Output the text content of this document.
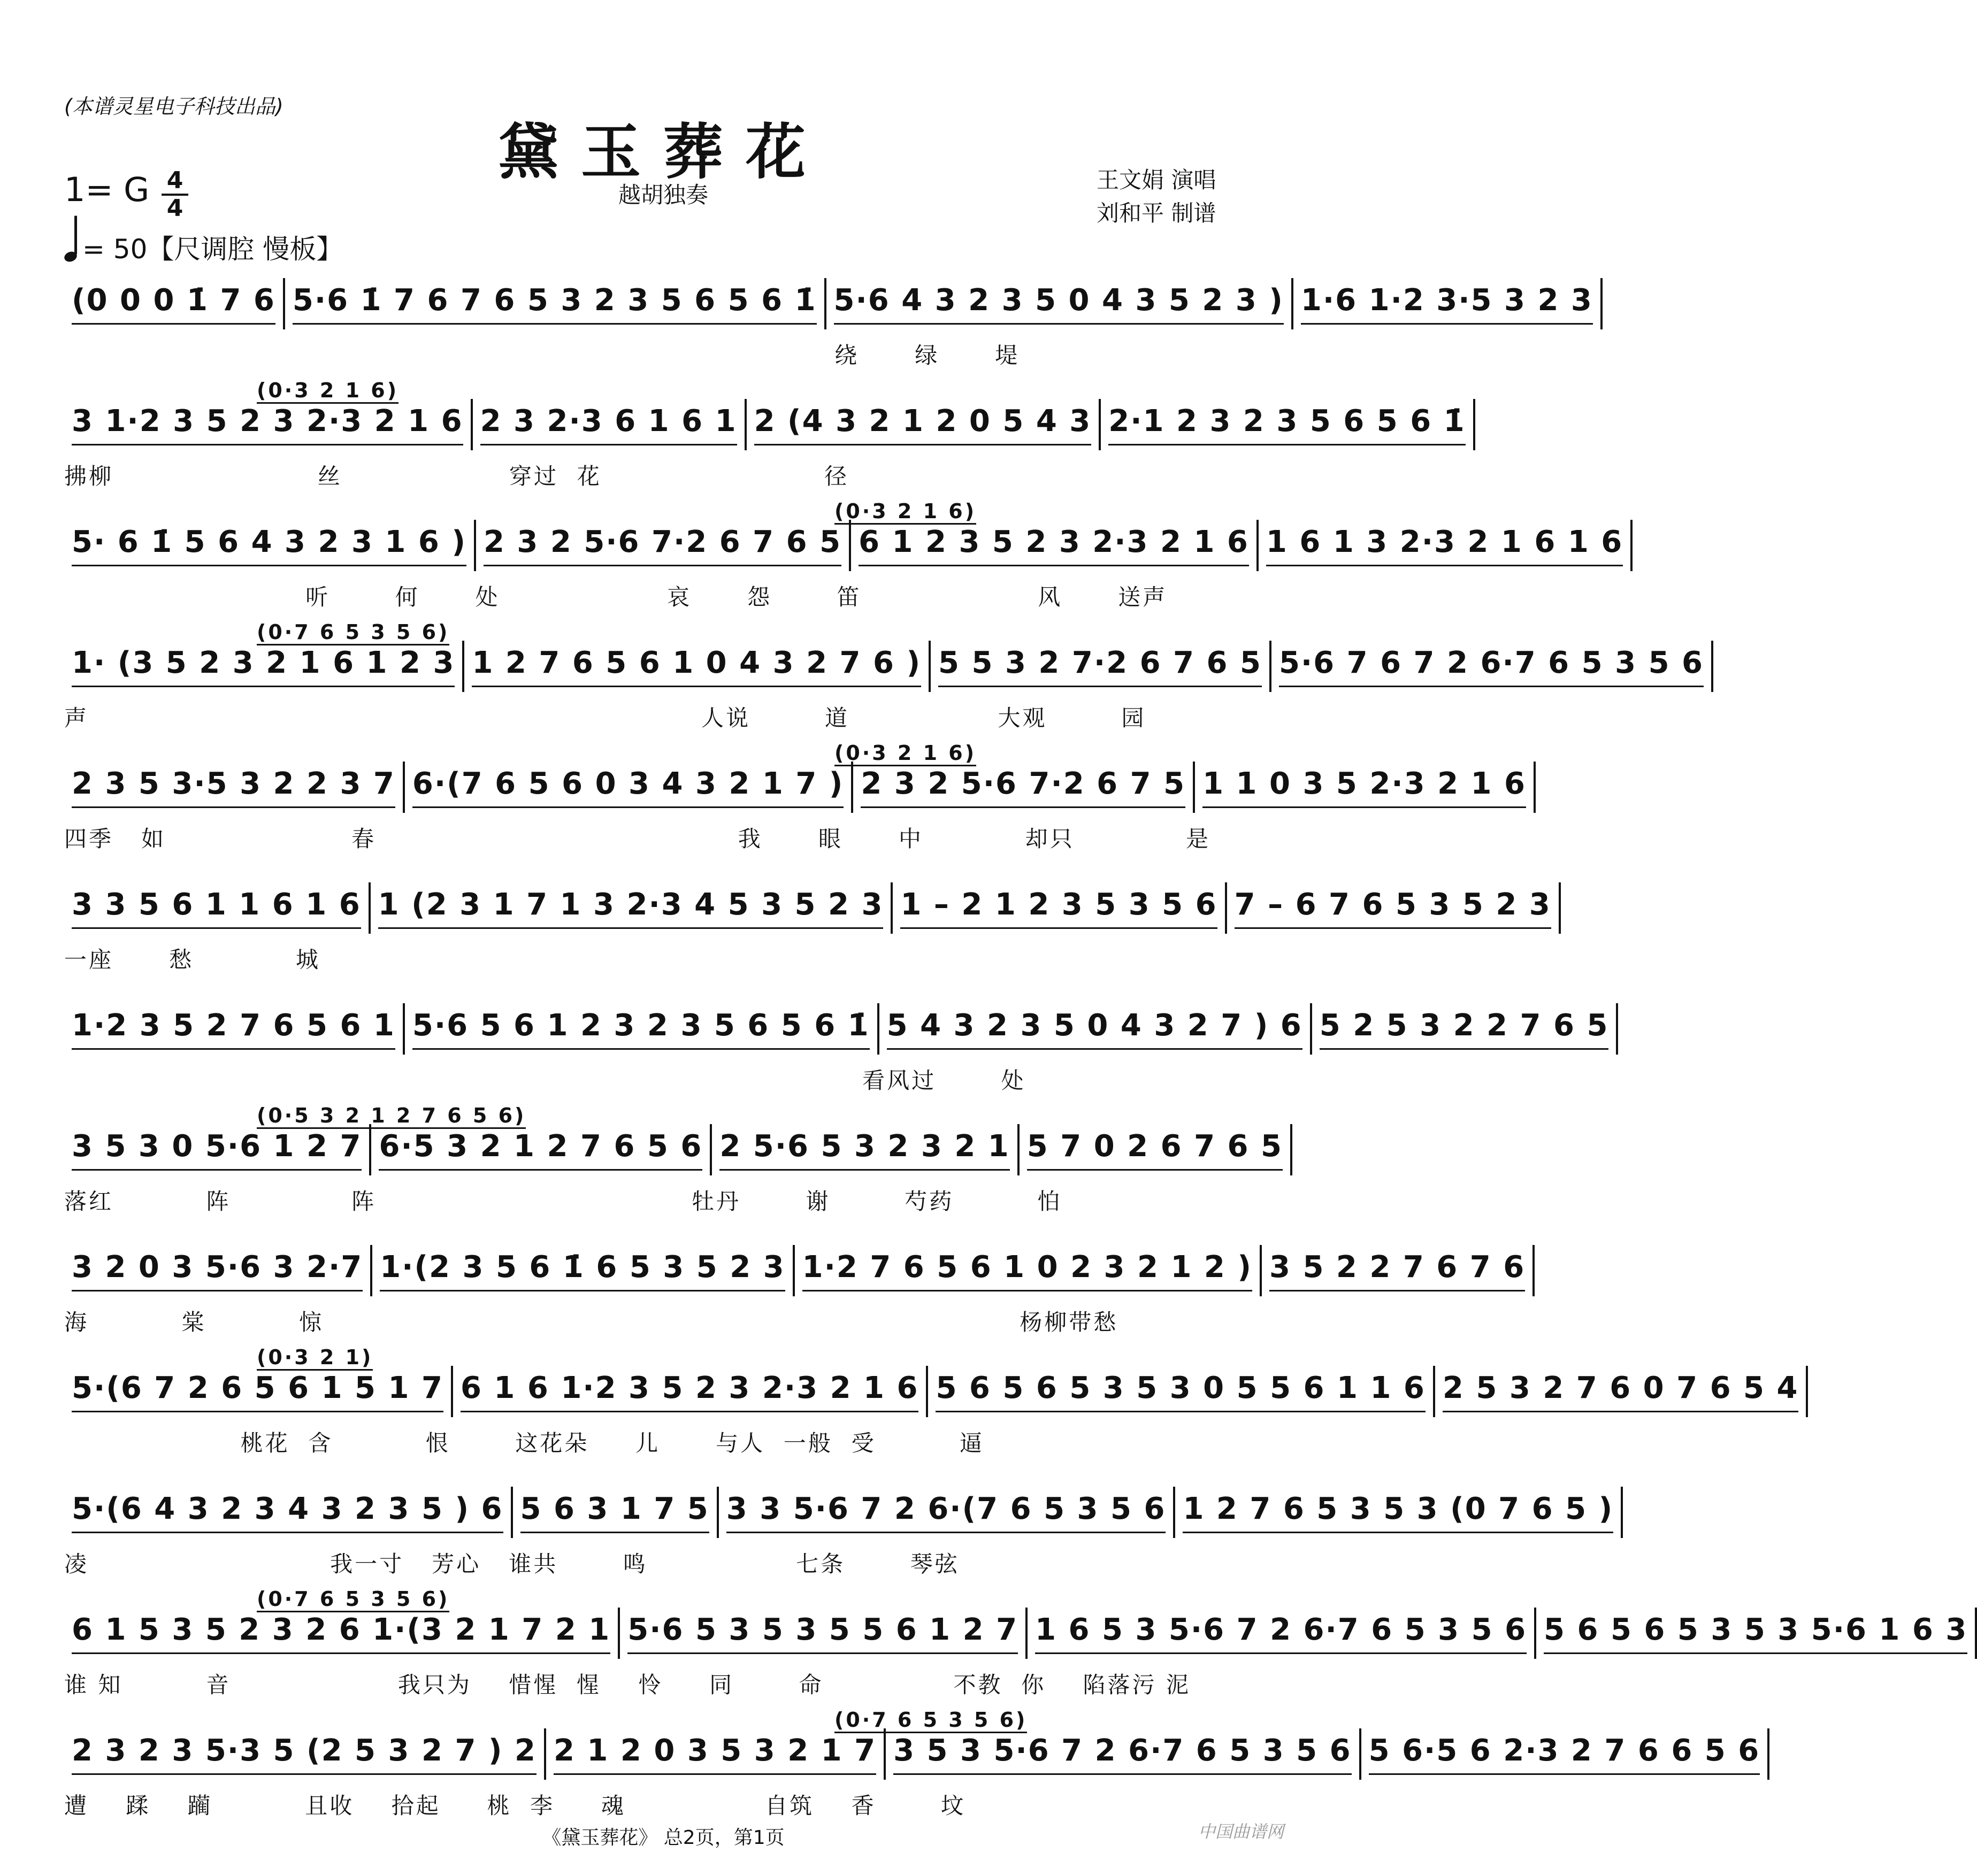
(本谱灵星电子科技出品)
黛玉葬花
1= G 4
4	越胡独奏
= 50【尺调腔 慢板】
王文娟 演唱
刘和平 制谱
(0 0 0 1̇ 7 6 5·6 1̇ 7 6 7 6 5 3 2 3 5 6 5 6 1̇ 5·6 4 3 2 3 5 0 4 3 5 2 3 ) 1·6 1·2 3·5 3 2 3
绕      绿      堤
(0·3 2 1 6)
3 1·2 3 5 2 3 2·3 2 1 6 2 3 2·3 6 1 6 1 2 (4 3 2 1 2 0 5 4 3 2·1 2 3 2 3 5 6 5 6 1̇
拂柳                      丝                  穿过  花                        径
(0·3 2 1 6)
5· 6 1̇ 5 6 4 3 2 3 1 6 ) 2 3 2 5·6 7·2 6 7 6 5 6 1 2 3 5 2 3 2·3 2 1 6 1 6 1 3 2·3 2 1 6 1 6
听       何      处                  哀      怨       笛                   风      送声
(0·7 6 5 3 5 6)
1· (3 5 2 3 2 1 6 1 2 3 1 2 7 6 5 6 1 0 4 3 2 7 6 ) 5 5 3 2 7·2 6 7 6 5 5·6 7 6 7 2 6·7 6 5 3 5 6
声                                                                  人说        道                大观        园
(0·3 2 1 6)
2 3 5 3·5 3 2 2 3 7 6·(7 6 5 6 0 3 4 3 2 1 7 ) 2 3 2 5·6 7·2 6 7 5 1 1 0 3 5 2·3 2 1 6
四季   如                    春                                       我      眼      中           却只            是
3 3 5 6 1 1 6 1 6 1 (2 3 1 7 1 3 2·3 4 5 3 5 2 3 1 – 2 1 2 3 5 3 5 6 7 – 6 7 6 5 3 5 2 3
一座      愁           城
1·2 3 5 2 7 6 5 6 1 5·6 5 6 1 2 3 2 3 5 6 5 6 1̇ 5 4 3 2 3 5 0 4 3 2 7 ) 6 5 2 5 3 2 2 7 6 5
看风过       处
(0·5 3 2 1 2 7 6 5 6)
3 5 3 0 5·6 1 2 7 6·5 3 2 1 2 7 6 5 6 2 5·6 5 3 2 3 2 1 5 7 0 2 6 7 6 5
落红          阵             阵                                  牡丹       谢        芍药         怕
3 2 0 3 5·6 3 2·7 1·(2 3 5 6 1̇ 6 5 3 5 2 3 1·2 7 6 5 6 1 0 2 3 2 1 2 ) 3 5 2 2 7 6 7 6
海          棠          惊                                                                           杨柳带愁
(0·3 2 1)
5·(6 7 2 6 5 6 1 5 1 7 6 1 6 1·2 3 5 2 3 2·3 2 1 6 5 6 5 6 5 3 5 3 0 5 5 6 1 1 6 2 5 3 2 7 6 0 7 6 5 4
桃花  含          恨       这花朵     儿      与人  一般  受         逼
5·(6 4 3 2 3 4 3 2 3 5 ) 6 5 6 3 1 7 5 3 3 5·6 7 2 6·(7 6 5 3 5 6 1 2 7 6 5 3 5 3 (0 7 6 5 )
凌                          我一寸   芳心   谁共       鸣                七条       琴弦
(0·7 6 5 3 5 6)
6 1 5 3 5 2 3 2 6 1·(3 2 1 7 2 1 5·6 5 3 5 3 5 5 6 1 2 7 1 6 5 3 5·6 7 2 6·7 6 5 3 5 6 5 6 5 6 5 3 5 3 5·6 1 6 3
谁 知         音                  我只为    惜惺  惺    怜     同       命              不教  你    陷落污 泥
(0·7 6 5 3 5 6)
2 3 2 3 5·3 5 (2 5 3 2 7 ) 2 2 1 2 0 3 5 3 2 1 7 3 5 3 5·6 7 2 6·7 6 5 3 5 6 5 6·5 6 2·3 2 7 6 6 5 6
遭    蹂    躏          且收    拾起     桃  李     魂               自筑    香       坟
《黛玉葬花》 总2页，第1页	中国曲谱网
